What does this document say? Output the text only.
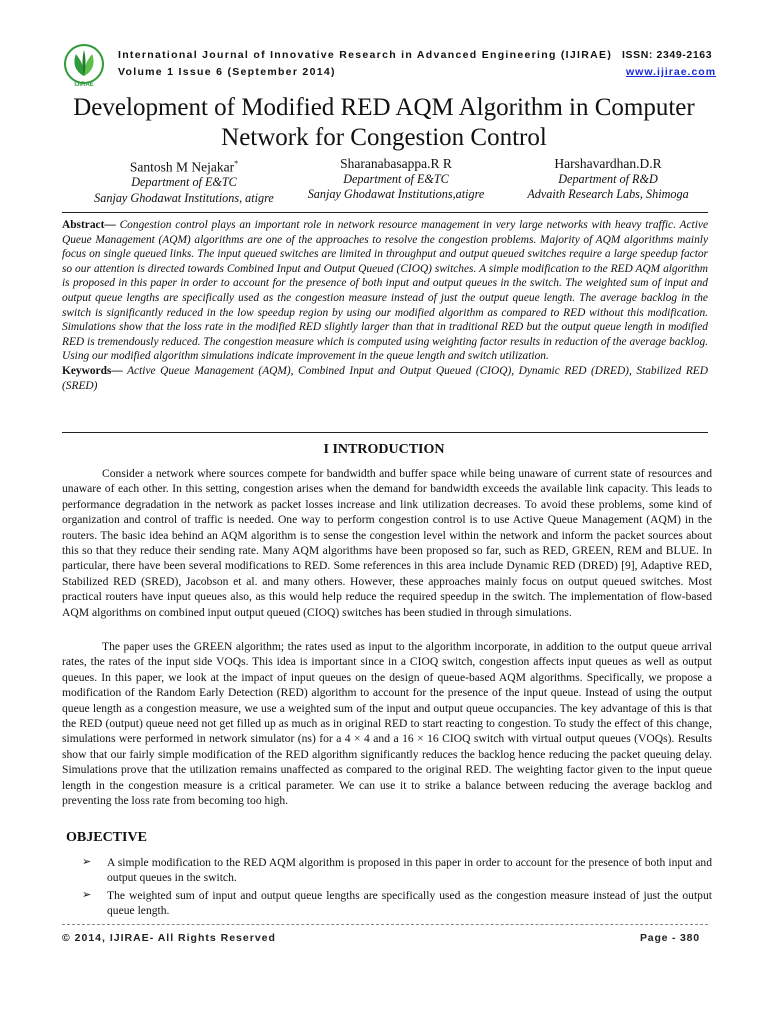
IJIRAE
International Journal of Innovative Research in Advanced Engineering (IJIRAE)
Volume 1 Issue 6 (September 2014)
ISSN: 2349-2163
www.ijirae.com
Development of Modified RED AQM Algorithm in Computer
Network for Congestion Control
Santosh M Nejakar*
Department of E&TC
Sanjay Ghodawat Institutions, atigre
Sharanabasappa.R R
Department of E&TC
Sanjay Ghodawat Institutions,atigre
Harshavardhan.D.R
Department of R&D
Advaith Research Labs, Shimoga
Abstract— Congestion control plays an important role in network resource management in very large networks with heavy traffic. Active Queue Management (AQM) algorithms are one of the approaches to resolve the congestion problems. Majority of AQM algorithms mainly focus on single queued links. The input queued switches are limited in throughput and output queued switches require a large speedup factor so our attention is directed towards Combined Input and Output Queued (CIOQ) switches. A simple modification to the RED AQM algorithm is proposed in this paper in order to account for the presence of both input and output queues in the switch. The weighted sum of input and output queue lengths are specifically used as the congestion measure instead of just the output queue length. The average backlog in the switch is significantly reduced in the low speedup region by using our modified algorithm as compared to RED without this modification. Simulations show that the loss rate in the modified RED slightly larger than that in traditional RED but the output queue length in modified RED is tremendously reduced. The congestion measure which is computed using weighting factor results in reduction of the average backlog. Using our modified algorithm simulations indicate improvement in the queue length and switch utilization.
Keywords— Active Queue Management (AQM), Combined Input and Output Queued (CIOQ), Dynamic RED (DRED), Stabilized RED (SRED)
I INTRODUCTION

Consider a network where sources compete for bandwidth and buffer space while being unaware of current state of resources and unaware of each other. In this setting, congestion arises when the demand for bandwidth exceeds the available link capacity. This leads to performance degradation in the network as packet losses increase and link utilization decreases. To avoid these problems, some kind of organization and control of traffic is needed. One way to perform congestion control is to use Active Queue Management (AQM) in the routers. The basic idea behind an AQM algorithm is to sense the congestion level within the network and inform the packet sources about this so that they reduce their sending rate. Many AQM algorithms have been proposed so far, such as RED, GREEN, REM and BLUE. In particular, there have been several modifications to RED. Some references in this area include Dynamic RED (DRED) [9], Adaptive RED, Stabilized RED (SRED), Jacobson et al. and many others. However, these approaches mainly focus on output queued switches. Most practical routers have input queues also, as this would help reduce the required speedup in the switch. The implementation of flow-based AQM algorithms on combined input output queued (CIOQ) switches has been studied in through simulations.

The paper uses the GREEN algorithm; the rates used as input to the algorithm incorporate, in addition to the output queue arrival rates, the rates of the input side VOQs. This idea is important since in a CIOQ switch, congestion affects input queues as well as output queues. In this paper, we look at the impact of input queues on the design of queue-based AQM algorithms. Specifically, we propose a modification of the Random Early Detection (RED) algorithm to account for the presence of the input queue. Instead of using the output queue length as a congestion measure, we use a weighted sum of the input and output queue occupancies. The key advantage of this is that the RED (output) queue need not get filled up as much as in original RED to start reacting to congestion. To study the effect of this change, simulations were performed in network simulator (ns) for a 4 × 4 and a 16 × 16 CIOQ switch with virtual output queues (VOQs). Results show that our fairly simple modification of the RED algorithm significantly reduces the backlog hence reducing the packet queuing delay. Simulations prove that the utilization remains unaffected as compared to the original RED. The weighting factor given to the input queue length in the congestion measure is a critical parameter. We can use it to strike a balance between reducing the average backlog and preventing the loss rate from becoming too high.

OBJECTIVE
➢	A simple modification to the RED AQM algorithm is proposed in this paper in order to account for the presence of both input and output queues in the switch.
➢	The weighted sum of input and output queue lengths are specifically used as the congestion measure instead of just the output queue length.
© 2014, IJIRAE- All Rights Reserved	Page - 380
